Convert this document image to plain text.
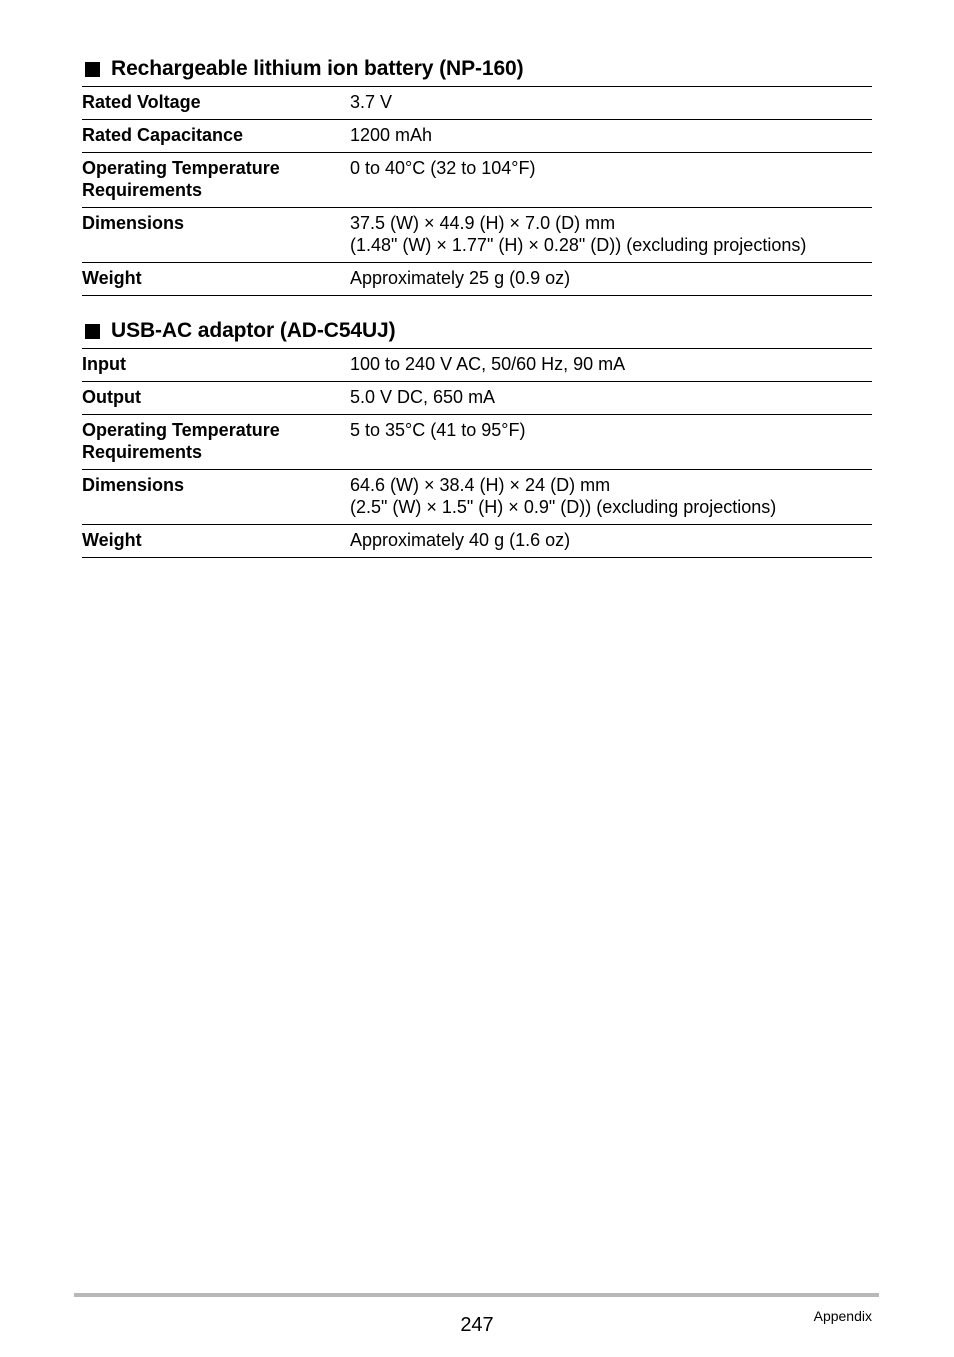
Rechargeable lithium ion battery (NP-160)
Rated Voltage	3.7 V

Rated Capacitance	1200 mAh

Operating Temperature
Requirements	0 to 40°C (32 to 104°F)

Dimensions	37.5 (W) × 44.9 (H) × 7.0 (D) mm
(1.48" (W) × 1.77" (H) × 0.28" (D)) (excluding projections)

Weight	Approximately 25 g (0.9 oz)
USB-AC adaptor (AD-C54UJ)
Input	100 to 240 V AC, 50/60 Hz, 90 mA

Output	5.0 V DC, 650 mA

Operating Temperature
Requirements	5 to 35°C (41 to 95°F)

Dimensions	64.6 (W) × 38.4 (H) × 24 (D) mm
(2.5" (W) × 1.5" (H) × 0.9" (D)) (excluding projections)

Weight	Approximately 40 g (1.6 oz)
247	Appendix
